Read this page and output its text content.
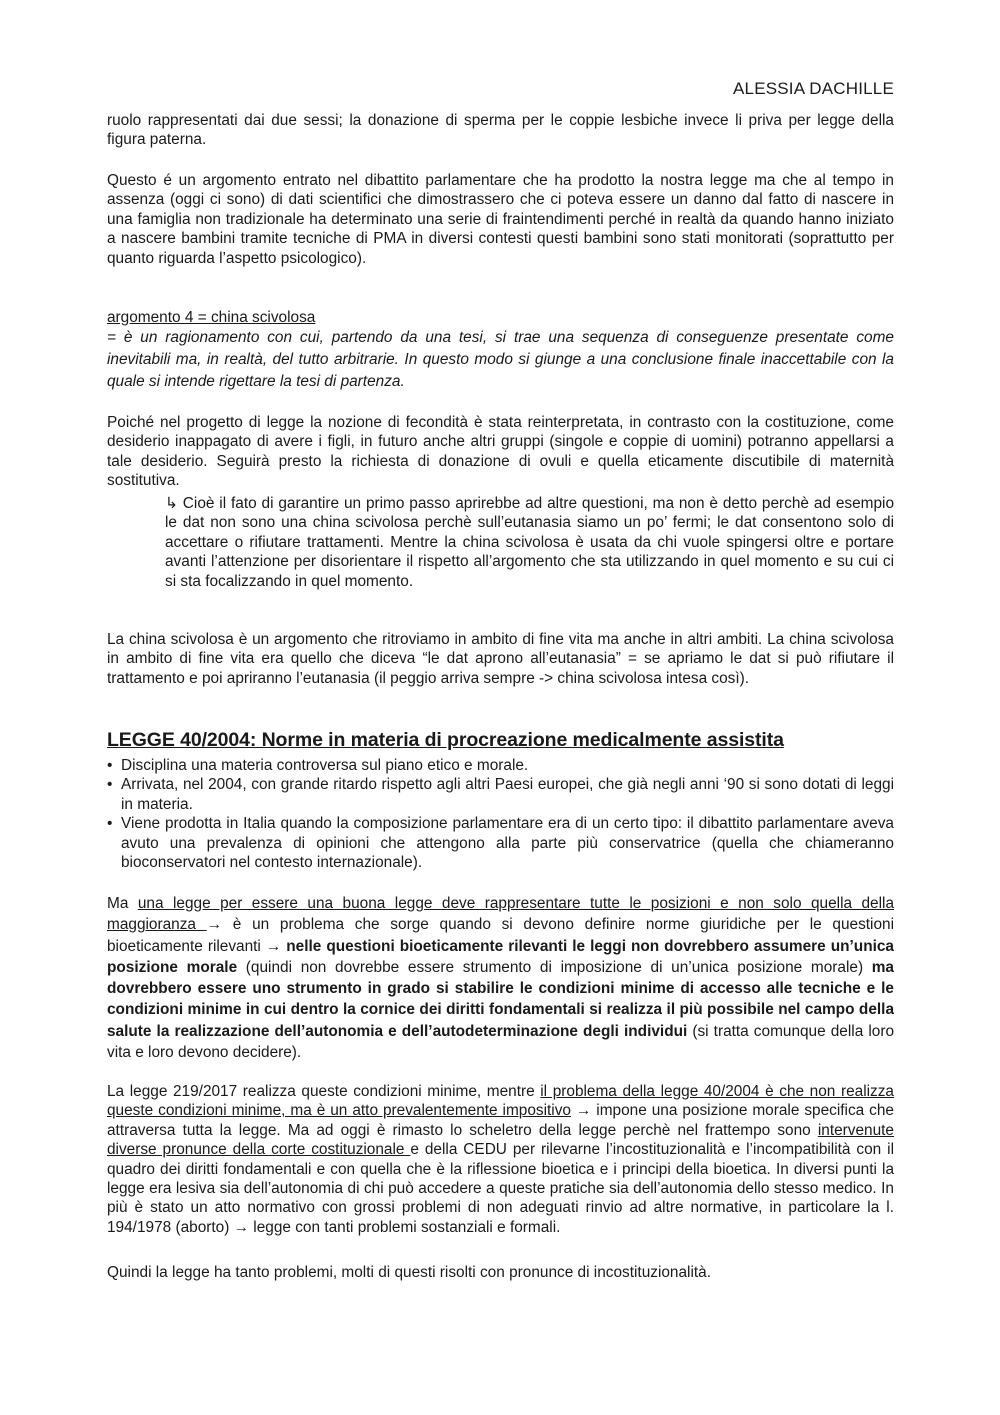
ALESSIA DACHILLE

ruolo rappresentati dai due sessi; la donazione di sperma per le coppie lesbiche invece li priva per legge della figura paterna.

Questo é un argomento entrato nel dibattito parlamentare che ha prodotto la nostra legge ma che al tempo in assenza (oggi ci sono) di dati scientifici che dimostrassero che ci poteva essere un danno dal fatto di nascere in una famiglia non tradizionale ha determinato una serie di fraintendimenti perché in realtà da quando hanno iniziato a nascere bambini tramite tecniche di PMA in diversi contesti questi bambini sono stati monitorati (soprattutto per quanto riguarda l’aspetto psicologico).

argomento 4 = china scivolosa

= è un ragionamento con cui, partendo da una tesi, si trae una sequenza di conseguenze presentate come inevitabili ma, in realtà, del tutto arbitrarie. In questo modo si giunge a una conclusione finale inaccettabile con la quale si intende rigettare la tesi di partenza.

Poiché nel progetto di legge la nozione di fecondità è stata reinterpretata, in contrasto con la costituzione, come desiderio inappagato di avere i figli, in futuro anche altri gruppi (singole e coppie di uomini) potranno appellarsi a tale desiderio. Seguirà presto la richiesta di donazione di ovuli e quella eticamente discutibile di maternità sostitutiva.

↳ Cioè il fato di garantire un primo passo aprirebbe ad altre questioni, ma non è detto perchè ad esempio le dat non sono una china scivolosa perchè sull’eutanasia siamo un po’ fermi; le dat consentono solo di accettare o rifiutare trattamenti. Mentre la china scivolosa è usata da chi vuole spingersi oltre e portare avanti l’attenzione per disorientare il rispetto all’argomento che sta utilizzando in quel momento e su cui ci si sta focalizzando in quel momento.

La china scivolosa è un argomento che ritroviamo in ambito di fine vita ma anche in altri ambiti. La china scivolosa in ambito di fine vita era quello che diceva “le dat aprono all’eutanasia” = se apriamo le dat si può rifiutare il trattamento e poi apriranno l’eutanasia (il peggio arriva sempre -> china scivolosa intesa così).

LEGGE 40/2004: Norme in materia di procreazione medicalmente assistita
• Disciplina una materia controversa sul piano etico e morale.
• Arrivata, nel 2004, con grande ritardo rispetto agli altri Paesi europei, che già negli anni ‘90 si sono dotati di leggi in materia.
• Viene prodotta in Italia quando la composizione parlamentare era di un certo tipo: il dibattito parlamentare aveva avuto una prevalenza di opinioni che attengono alla parte più conservatrice (quella che chiameranno bioconservatori nel contesto internazionale).

Ma una legge per essere una buona legge deve rappresentare tutte le posizioni e non solo quella della maggioranza → è un problema che sorge quando si devono definire norme giuridiche per le questioni bioeticamente rilevanti → nelle questioni bioeticamente rilevanti le leggi non dovrebbero assumere un’unica posizione morale (quindi non dovrebbe essere strumento di imposizione di un’unica posizione morale) ma dovrebbero essere uno strumento in grado si stabilire le condizioni minime di accesso alle tecniche e le condizioni minime in cui dentro la cornice dei diritti fondamentali si realizza il più possibile nel campo della salute la realizzazione dell’autonomia e dell’autodeterminazione degli individui (si tratta comunque della loro vita e loro devono decidere).

La legge 219/2017 realizza queste condizioni minime, mentre il problema della legge 40/2004 è che non realizza queste condizioni minime, ma è un atto prevalentemente impositivo → impone una posizione morale specifica che attraversa tutta la legge. Ma ad oggi è rimasto lo scheletro della legge perchè nel frattempo sono intervenute diverse pronunce della corte costituzionale e della CEDU per rilevarne l’incostituzionalità e l’incompatibilità con il quadro dei diritti fondamentali e con quella che è la riflessione bioetica e i principi della bioetica. In diversi punti la legge era lesiva sia dell’autonomia di chi può accedere a queste pratiche sia dell’autonomia dello stesso medico. In più è stato un atto normativo con grossi problemi di non adeguati rinvio ad altre normative, in particolare la l. 194/1978 (aborto) → legge con tanti problemi sostanziali e formali.

Quindi la legge ha tanto problemi, molti di questi risolti con pronunce di incostituzionalità.
